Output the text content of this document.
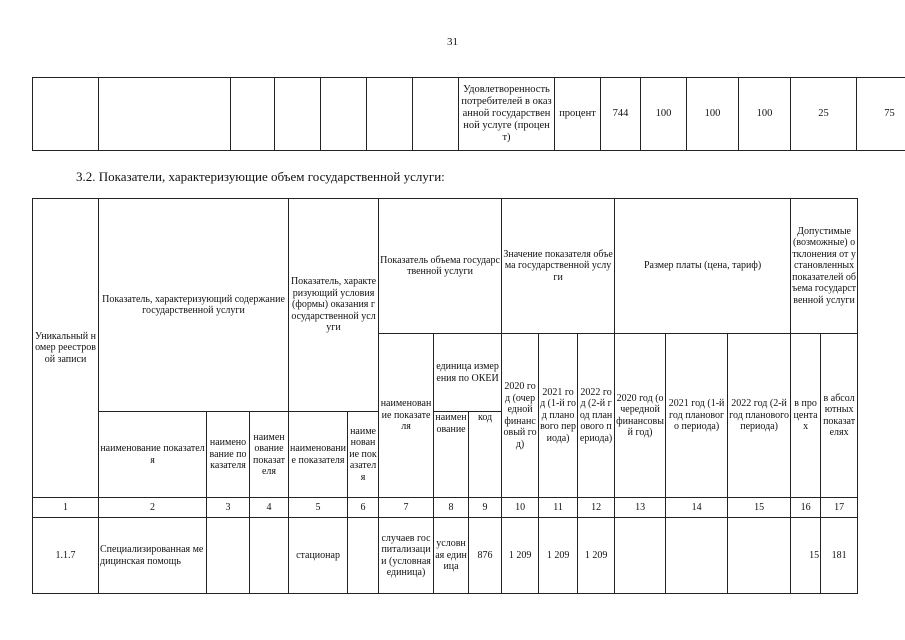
31
							Удовлетворенность потребителей в оказанной государственной услуге (процент)	процент	744	100	100	100	25	75
3.2. Показатели, характеризующие объем государственной услуги:
Уникальный номер реестровой записи	Показатель, характеризующий содержание государственной услуги			Показатель, характеризующий условия (формы) оказания государственной услуги		Показатель объема государственной услуги			Значение показателя объема государственной услуги			Размер платы (цена, тариф)			Допустимые (возможные) отклонения от установленных показателей объема государственной услуги	
						наименование показателя	единица измерения по ОКЕИ		2020 год (очередной финансовый год)	2021 год (1-й год планового периода)	2022 год (2-й год планового периода)	2020 год (очередной финансовый год)	2021 год (1-й год планового периода)	2022 год (2-й год планового периода)	в процентах	в абсолютных показателях
	наименование показателя	наименование показателя	наименование показателя	наименование показателя	наименование показателя		наименование	код								
1	2	3	4	5	6	7	8	9	10	11	12	13	14	15	16	17
1.1.7	Специализированная медицинская помощь			стационар		случаев госпитализации (условная единица)	условная единица	876	1 209	1 209	1 209				15	181
